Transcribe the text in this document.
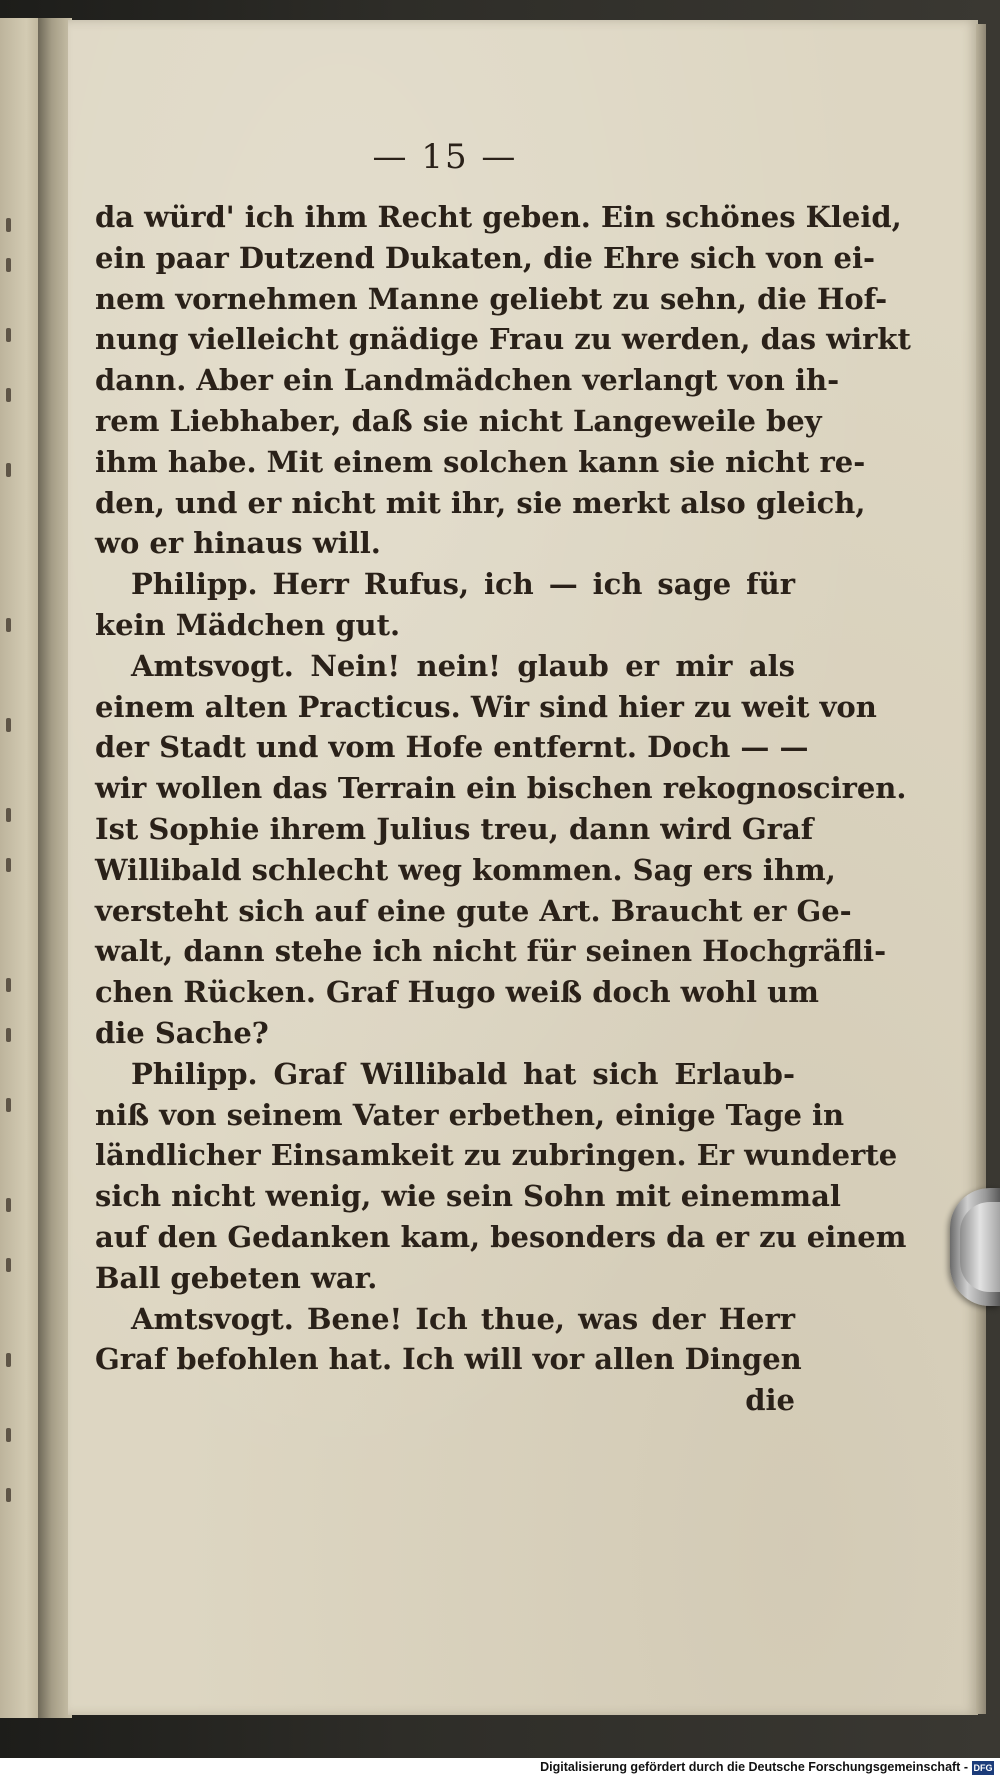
— 15 —
da würd' ich ihm Recht geben. Ein schönes Kleid,
ein paar Dutzend Dukaten, die Ehre sich von ei-
nem vornehmen Manne geliebt zu sehn, die Hof-
nung vielleicht gnädige Frau zu werden, das wirkt
dann. Aber ein Landmädchen verlangt von ih-
rem Liebhaber, daß sie nicht Langeweile bey
ihm habe. Mit einem solchen kann sie nicht re-
den, und er nicht mit ihr, sie merkt also gleich,
wo er hinaus will.
Philipp. Herr Rufus, ich — ich sage für
kein Mädchen gut.
Amtsvogt. Nein! nein! glaub er mir als
einem alten Practicus. Wir sind hier zu weit von
der Stadt und vom Hofe entfernt. Doch — —
wir wollen das Terrain ein bischen rekognosciren.
Ist Sophie ihrem Julius treu, dann wird Graf
Willibald schlecht weg kommen. Sag ers ihm,
versteht sich auf eine gute Art. Braucht er Ge-
walt, dann stehe ich nicht für seinen Hochgräfli-
chen Rücken. Graf Hugo weiß doch wohl um
die Sache?
Philipp. Graf Willibald hat sich Erlaub-
niß von seinem Vater erbethen, einige Tage in
ländlicher Einsamkeit zu zubringen. Er wunderte
sich nicht wenig, wie sein Sohn mit einemmal
auf den Gedanken kam, besonders da er zu einem
Ball gebeten war.
Amtsvogt. Bene! Ich thue, was der Herr
Graf befohlen hat. Ich will vor allen Dingen
die
Digitalisierung gefördert durch die Deutsche Forschungsgemeinschaft - DFG
